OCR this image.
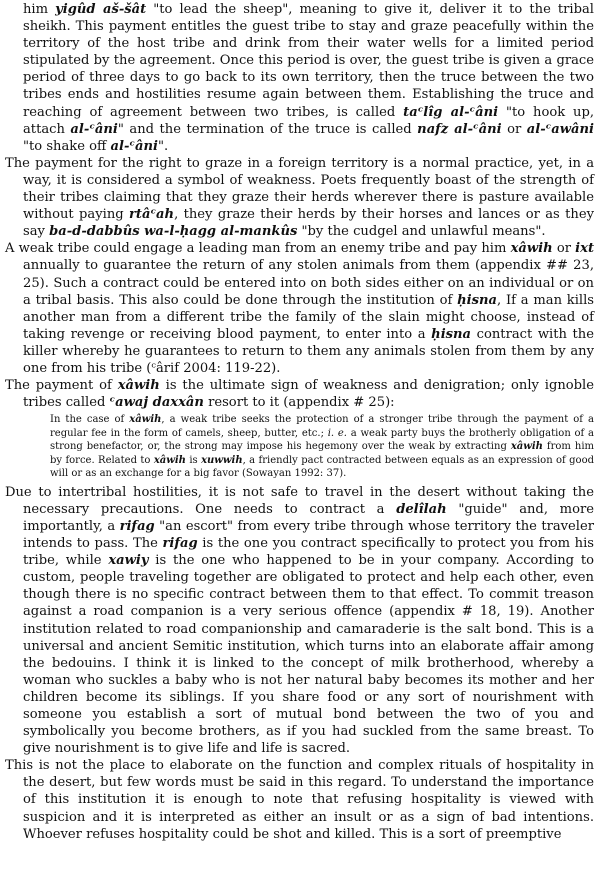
him yigûd aš-šât "to lead the sheep", meaning to give it, deliver it to the tribal sheikh. This payment entitles the guest tribe to stay and graze peacefully within the territory of the host tribe and drink from their water wells for a limited period stipulated by the agreement. Once this period is over, the guest tribe is given a grace period of three days to go back to its own territory, then the truce between the two tribes ends and hostilities resume again between them. Establishing the truce and reaching of agreement between two tribes, is called taᶜlîg al-ᶜâni "to hook up, attach al-ᶜâni" and the termination of the truce is called nafz al-ᶜâni or al-ᶜawâni "to shake off al-ᶜâni".

The payment for the right to graze in a foreign territory is a normal practice, yet, in a way, it is considered a symbol of weakness. Poets frequently boast of the strength of their tribes claiming that they graze their herds wherever there is pasture available without paying rtâᶜah, they graze their herds by their horses and lances or as they say ba-d-dabbûs wa-l-ḥagg al-mankûs "by the cudgel and unlawful means".

A weak tribe could engage a leading man from an enemy tribe and pay him xâwih or ixt annually to guarantee the return of any stolen animals from them (appendix ## 23, 25). Such a contract could be entered into on both sides either on an individual or on a tribal basis. This also could be done through the institution of ḥisna, If a man kills another man from a different tribe the family of the slain might choose, instead of taking revenge or receiving blood payment, to enter into a ḥisna contract with the killer whereby he guarantees to return to them any animals stolen from them by any one from his tribe (ᶜârif 2004: 119-22).

The payment of xâwih is the ultimate sign of weakness and denigration; only ignoble tribes called ᶜawaj daxxân resort to it (appendix # 25):

In the case of xâwih, a weak tribe seeks the protection of a stronger tribe through the payment of a regular fee in the form of camels, sheep, butter, etc.; i. e. a weak party buys the brotherly obligation of a strong benefactor, or, the strong may impose his hegemony over the weak by extracting xâwih from him by force. Related to xâwih is xuwwih, a friendly pact contracted between equals as an expression of good will or as an exchange for a big favor (Sowayan 1992: 37).

Due to intertribal hostilities, it is not safe to travel in the desert without taking the necessary precautions. One needs to contract a delîlah "guide" and, more importantly, a rifag "an escort" from every tribe through whose territory the traveler intends to pass. The rifag is the one you contract specifically to protect you from his tribe, while xawiy is the one who happened to be in your company. According to custom, people traveling together are obligated to protect and help each other, even though there is no specific contract between them to that effect. To commit treason against a road companion is a very serious offence (appendix # 18, 19). Another institution related to road companionship and camaraderie is the salt bond. This is a universal and ancient Semitic institution, which turns into an elaborate affair among the bedouins. I think it is linked to the concept of milk brotherhood, whereby a woman who suckles a baby who is not her natural baby becomes its mother and her children become its siblings. If you share food or any sort of nourishment with someone you establish a sort of mutual bond between the two of you and symbolically you become brothers, as if you had suckled from the same breast. To give nourishment is to give life and life is sacred.

This is not the place to elaborate on the function and complex rituals of hospitality in the desert, but few words must be said in this regard. To understand the importance of this institution it is enough to note that refusing hospitality is viewed with suspicion and it is interpreted as either an insult or as a sign of bad intentions. Whoever refuses hospitality could be shot and killed. This is a sort of preemptive
